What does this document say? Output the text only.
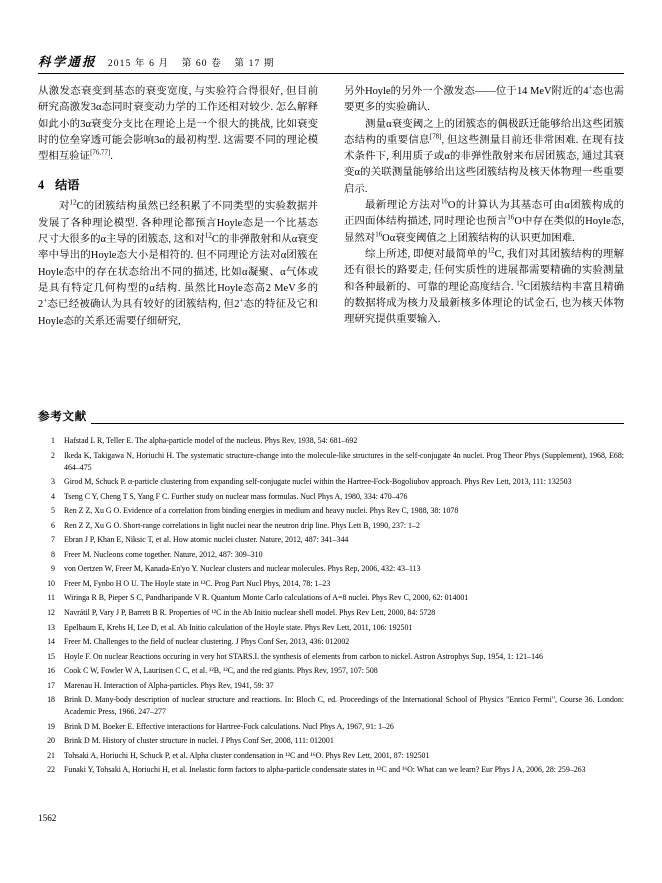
科学通报 2015 年 6 月 第 60 卷 第 17 期

从激发态衰变到基态的衰变宽度, 与实验符合得很好, 但目前研究高激发3α态同时衰变动力学的工作还相对较少. 怎么解释如此小的3α衰变分支比在理论上是一个很大的挑战, 比如衰变时的位垒穿透可能会影响3α的最初构型. 这需要不同的理论模型相互验证[76,77].

4 结语

对$^{12}$C的团簇结构虽然已经积累了不同类型的实验数据并发展了各种理论模型. 各种理论都预言Hoyle态是一个比基态尺寸大很多的α主导的团簇态, 这和对$^{12}$C的非弹散射和从α衰变率中导出的Hoyle态大小是相符的. 但不同理论方法对α团簇在Hoyle态中的存在状态给出不同的描述, 比如α凝聚、α气体或是具有特定几何构型的α结构. 虽然比Hoyle态高2 MeV多的2+态已经被确认为具有较好的团簇结构, 但2+态的特征及它和Hoyle态的关系还需要仔细研究,

另外Hoyle的另外一个激发态——位于14 MeV附近的4+态也需要更多的实验确认.

测量α衰变阈之上的团簇态的偶极跃迁能够给出这些团簇态结构的重要信息[78], 但这些测量目前还非常困难. 在现有技术条件下, 利用质子或α的非弹性散射来布居团簇态, 通过其衰变α的关联测量能够给出这些团簇结构及核天体物理一些重要启示.

最新理论方法对$^{16}$O的计算认为其基态可由α团簇构成的正四面体结构描述, 同时理论也预言$^{16}$O中存在类似的Hoyle态, 显然对$^{16}$Oα衰变阈值之上团簇结构的认识更加困难.

综上所述, 即便对最简单的$^{12}$C, 我们对其团簇结构的理解还有很长的路要走, 任何实质性的进展都需要精确的实验测量和各种最新的、可靠的理论高度结合. $^{12}$C团簇结构丰富且精确的数据将成为核力及最新核多体理论的试金石, 也为核天体物理研究提供重要输入.

参考文献
1 Hafstad L R, Teller E. The alpha-particle model of the nucleus. Phys Rev, 1938, 54: 681–692
2 Ikeda K, Takigawa N, Horiuchi H. The systematic structure-change into the molecule-like structures in the self-conjugate 4n nuclei. Prog Theor Phys (Supplement), 1968, E68: 464–475
3 Girod M, Schuck P. α-particle clustering from expanding self-conjugate nuclei within the Hartree-Fock-Bogoliubov approach. Phys Rev Lett, 2013, 111: 132503
4 Tseng C Y, Cheng T S, Yang F C. Further study on nuclear mass formulas. Nucl Phys A, 1980, 334: 470–476
5 Ren Z Z, Xu G O. Evidence of a correlation from binding energies in medium and heavy nuclei. Phys Rev C, 1988, 38: 1078
6 Ren Z Z, Xu G O. Short-range correlations in light nuclei near the neutron drip line. Phys Lett B, 1990, 237: 1–2
7 Ebran J P, Khan E, Niksic T, et al. How atomic nuclei cluster. Nature, 2012, 487: 341–344
8 Freer M. Nucleons come together. Nature, 2012, 487: 309–310
9 von Oertzen W, Freer M, Kanada-En'yo Y. Nuclear clusters and nuclear molecules. Phys Rep, 2006, 432: 43–113
10 Freer M, Fynbo H O U. The Hoyle state in ¹²C. Prog Part Nucl Phys, 2014, 78: 1–23
11 Wiringa R B, Pieper S C, Pandharipande V R. Quantum Monte Carlo calculations of A=8 nuclei. Phys Rev C, 2000, 62: 014001
12 Navrátil P, Vary J P, Barrett B R. Properties of ¹²C in the Ab Initio nuclear shell model. Phys Rev Lett, 2000, 84: 5728
13 Epelbaum E, Krebs H, Lee D, et al. Ab Initio calculation of the Hoyle state. Phys Rev Lett, 2011, 106: 192501
14 Freer M. Challenges to the field of nuclear clustering. J Phys Conf Ser, 2013, 436: 012002
15 Hoyle F. On nuclear Reactions occuring in very hot STARS.I. the synthesis of elements from carbon to nickel. Astron Astrophys Sup, 1954, 1: 121–146
16 Cook C W, Fowler W A, Lauritsen C C, et al. ¹²B, ¹²C, and the red giants. Phys Rev, 1957, 107: 508
17 Marenau H. Interaction of Alpha-particles. Phys Rev, 1941, 59: 37
18 Brink D. Many-body description of nuclear structure and reactions. In: Bloch C, ed. Proceedings of the International School of Physics "Enrico Fermi", Course 36. London: Academic Press, 1966. 247–277
19 Brink D M. Boeker E. Effective interactions for Hartree-Fock calculations. Nucl Phys A, 1967, 91: 1–26
20 Brink D M. History of cluster structure in nuclei. J Phys Conf Ser, 2008, 111: 012001
21 Tohsaki A, Horiuchi H, Schuck P, et al. Alpha cluster condensation in ¹²C and ¹⁶O. Phys Rev Lett, 2001, 87: 192501
22 Funaki Y, Tohsaki A, Horiuchi H, et al. Inelastic form factors to alpha-particle condensate states in ¹²C and ¹⁶O: What can we learn? Eur Phys J A, 2006, 28: 259–263
1562
